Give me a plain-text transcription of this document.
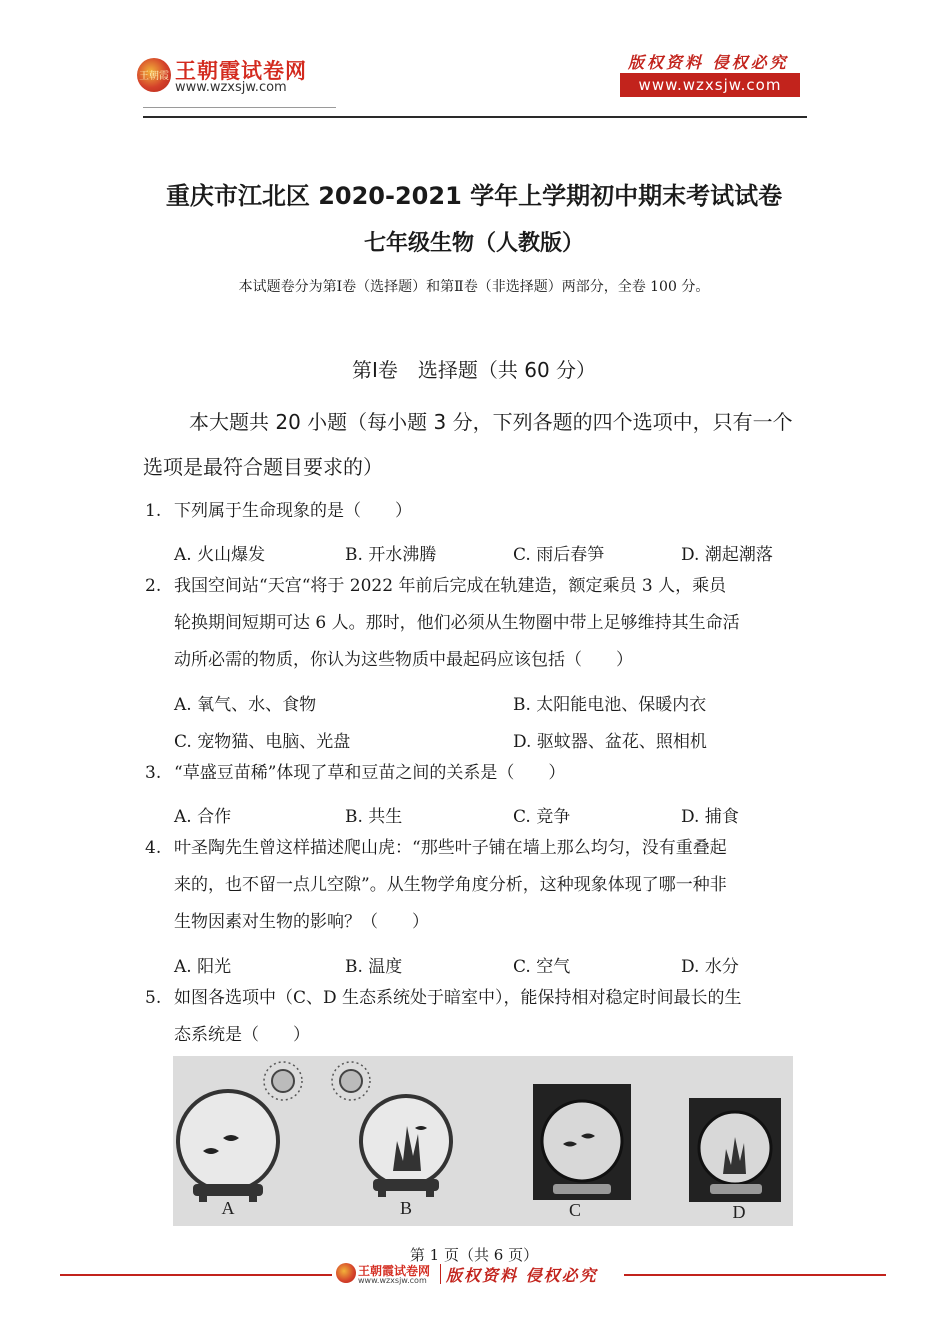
王朝霞 王朝霞试卷网
www.wzxsjw.com
版权资料 侵权必究
www.wzxsjw.com
重庆市江北区 2020-2021 学年上学期初中期末考试试卷
七年级生物（人教版）
本试题卷分为第Ⅰ卷（选择题）和第Ⅱ卷（非选择题）两部分，全卷 100 分。
第Ⅰ卷　选择题（共 60 分）
本大题共 20 小题（每小题 3 分，下列各题的四个选项中，只有一个选项是最符合题目要求的）
1. 下列属于生命现象的是（　　）
A. 火山爆发	B. 开水沸腾	C. 雨后春笋	D. 潮起潮落
2. 我国空间站“天宫“将于 2022 年前后完成在轨建造，额定乘员 3 人，乘员
轮换期间短期可达 6 人。那时，他们必须从生物圈中带上足够维持其生命活
动所必需的物质，你认为这些物质中最起码应该包括（　　）
A. 氧气、水、食物	B. 太阳能电池、保暖内衣
C. 宠物猫、电脑、光盘	D. 驱蚊器、盆花、照相机
3. “草盛豆苗稀”体现了草和豆苗之间的关系是（　　）
A. 合作	B. 共生	C. 竞争	D. 捕食
4. 叶圣陶先生曾这样描述爬山虎：“那些叶子铺在墙上那么均匀，没有重叠起
来的，也不留一点儿空隙”。从生物学角度分析，这种现象体现了哪一种非
生物因素对生物的影响？（　　）
A. 阳光	B. 温度	C. 空气	D. 水分
5. 如图各选项中（C、D 生态系统处于暗室中），能保持相对稳定时间最长的生
态系统是（　　）
A	B	C	D
第 1 页（共 6 页）
王朝霞试卷网
www.wzxsjw.com 版权资料 侵权必究
